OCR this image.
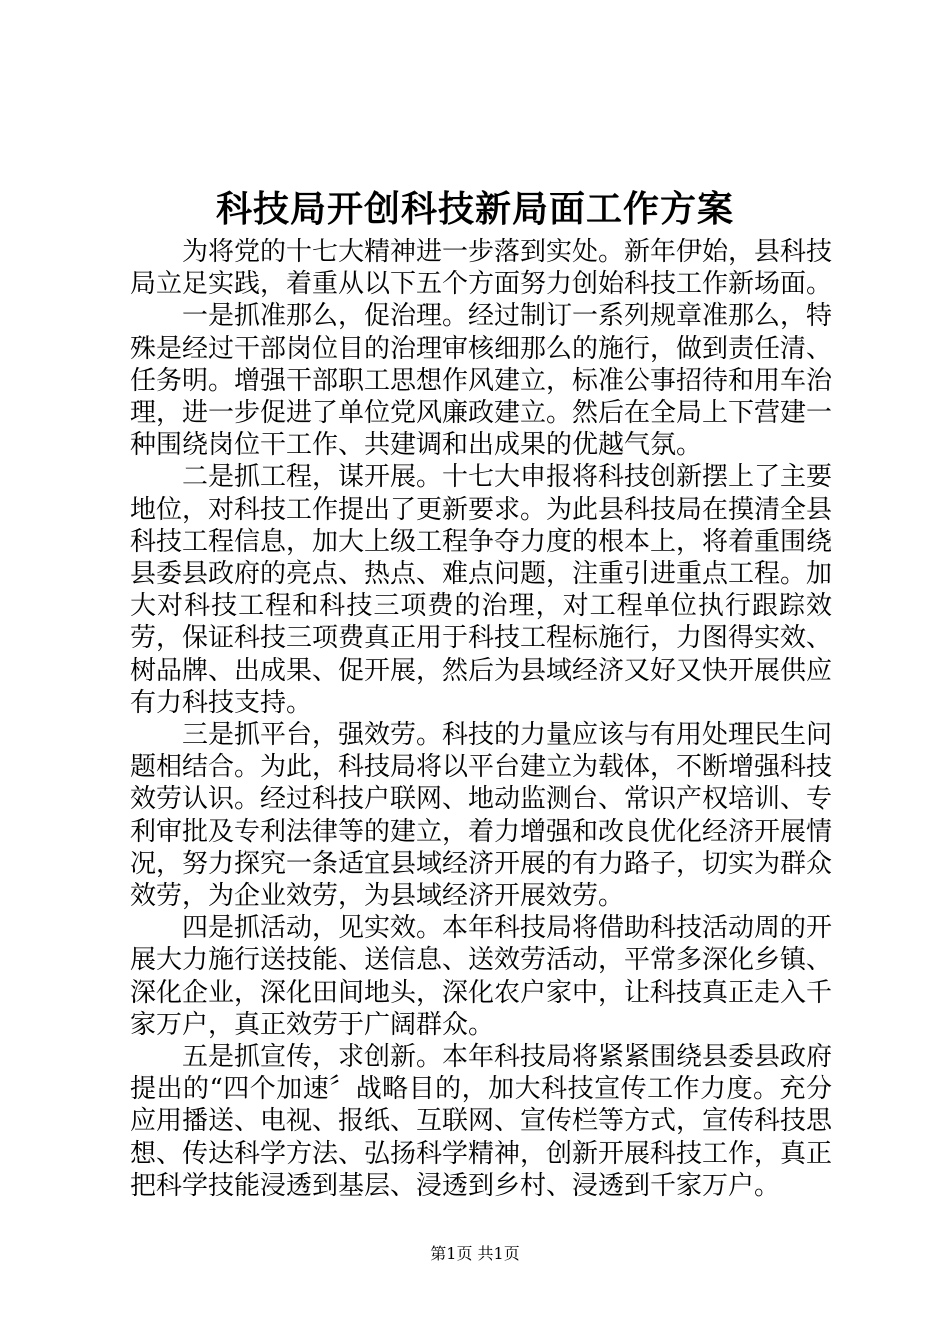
科技局开创科技新局面工作方案

为将党的十七大精神进一步落到实处。新年伊始，县科技局立足实践，着重从以下五个方面努力创始科技工作新场面。

一是抓准那么，促治理。经过制订一系列规章准那么，特殊是经过干部岗位目的治理审核细那么的施行，做到责任清、任务明。增强干部职工思想作风建立，标准公事招待和用车治理，进一步促进了单位党风廉政建立。然后在全局上下营建一种围绕岗位干工作、共建调和出成果的优越气氛。

二是抓工程，谋开展。十七大申报将科技创新摆上了主要地位，对科技工作提出了更新要求。为此县科技局在摸清全县科技工程信息，加大上级工程争夺力度的根本上，将着重围绕县委县政府的亮点、热点、难点问题，注重引进重点工程。加大对科技工程和科技三项费的治理，对工程单位执行跟踪效劳，保证科技三项费真正用于科技工程标施行，力图得实效、树品牌、出成果、促开展，然后为县域经济又好又快开展供应有力科技支持。

三是抓平台，强效劳。科技的力量应该与有用处理民生问题相结合。为此，科技局将以平台建立为载体，不断增强科技效劳认识。经过科技户联网、地动监测台、常识产权培训、专利审批及专利法律等的建立，着力增强和改良优化经济开展情况，努力探究一条适宜县域经济开展的有力路子，切实为群众效劳，为企业效劳，为县域经济开展效劳。

四是抓活动，见实效。本年科技局将借助科技活动周的开展大力施行送技能、送信息、送效劳活动，平常多深化乡镇、深化企业，深化田间地头，深化农户家中，让科技真正走入千家万户，真正效劳于广阔群众。

五是抓宣传，求创新。本年科技局将紧紧围绕县委县政府提出的“四个加速〞战略目的，加大科技宣传工作力度。充分应用播送、电视、报纸、互联网、宣传栏等方式，宣传科技思想、传达科学方法、弘扬科学精神，创新开展科技工作，真正把科学技能浸透到基层、浸透到乡村、浸透到千家万户。

第1页 共1页
